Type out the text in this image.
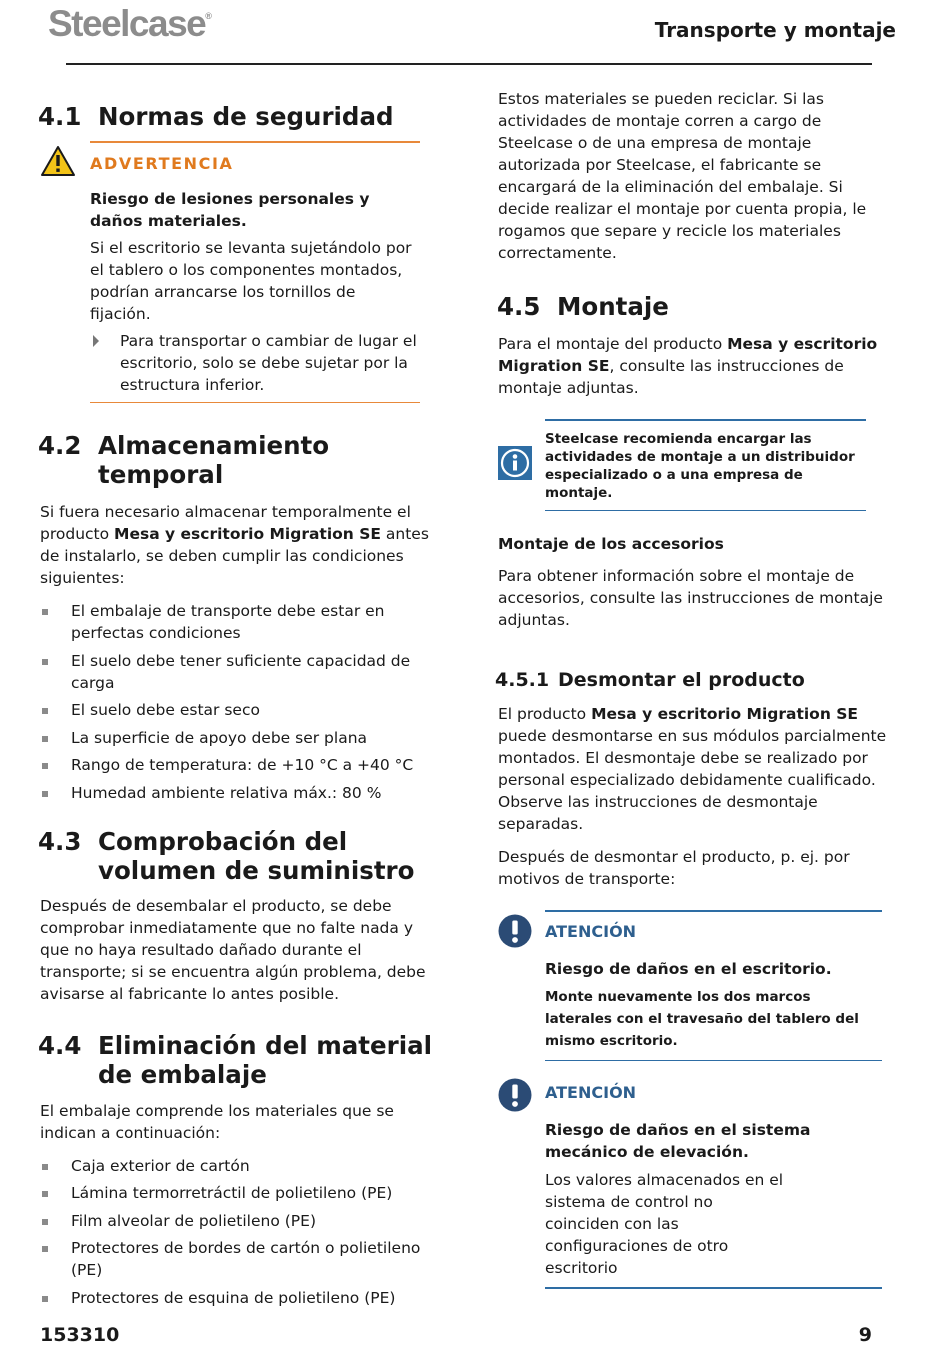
Steelcase®
Transporte y montaje
4.1 Normas de seguridad
ADVERTENCIA

Riesgo de lesiones personales y daños materiales.

Si el escritorio se levanta sujetándolo por el tablero o los componentes montados, podrían arrancarse los tornillos de fijación.

Para transportar o cambiar de lugar el escritorio, solo se debe sujetar por la estructura inferior.
4.2 Almacenamiento temporal

Si fuera necesario almacenar temporalmente el producto Mesa y escritorio Migration SE antes de instalarlo, se deben cumplir las condiciones siguientes:

El embalaje de transporte debe estar en perfectas condiciones
El suelo debe tener suficiente capacidad de carga
El suelo debe estar seco
La superficie de apoyo debe ser plana
Rango de temperatura: de +10 °C a +40 °C
Humedad ambiente relativa máx.: 80 %
4.3 Comprobación del volumen de suministro

Después de desembalar el producto, se debe comprobar inmediatamente que no falte nada y que no haya resultado dañado durante el transporte; si se encuentra algún problema, debe avisarse al fabricante lo antes posible.

4.4 Eliminación del material de embalaje

El embalaje comprende los materiales que se indican a continuación:

Caja exterior de cartón
Lámina termorretráctil de polietileno (PE)
Film alveolar de polietileno (PE)
Protectores de bordes de cartón o polietileno (PE)
Protectores de esquina de polietileno (PE)

Estos materiales se pueden reciclar. Si las actividades de montaje corren a cargo de Steelcase o de una empresa de montaje autorizada por Steelcase, el fabricante se encargará de la eliminación del embalaje. Si decide realizar el montaje por cuenta propia, le rogamos que separe y recicle los materiales correctamente.

4.5 Montaje

Para el montaje del producto Mesa y escritorio Migration SE, consulte las instrucciones de montaje adjuntas.

Steelcase recomienda encargar las actividades de montaje a un distribuidor especializado o a una empresa de montaje.
Montaje de los accesorios

Para obtener información sobre el montaje de accesorios, consulte las instrucciones de montaje adjuntas.

4.5.1 Desmontar el producto

El producto Mesa y escritorio Migration SE puede desmontarse en sus módulos parcialmente montados. El desmontaje debe se realizado por personal especializado debidamente cualificado. Observe las instrucciones de desmontaje separadas.

Después de desmontar el producto, p. ej. por motivos de transporte:

ATENCIÓN

Riesgo de daños en el escritorio.

Monte nuevamente los dos marcos laterales con el travesaño del tablero del mismo escritorio.
ATENCIÓN

Riesgo de daños en el sistema mecánico de elevación.

Los valores almacenados en el sistema de control no coinciden con las configuraciones de otro escritorio

153310	9
